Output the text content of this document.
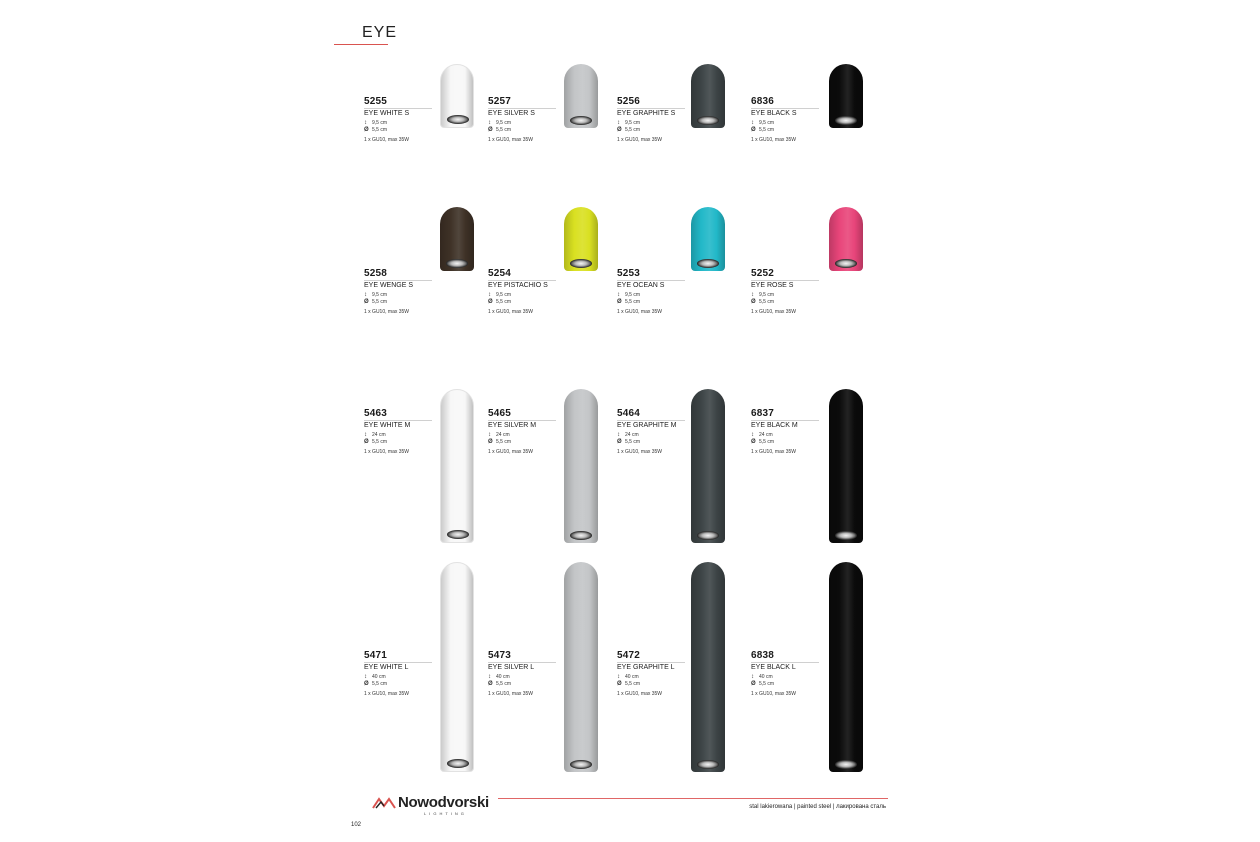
EYE
5255
EYE WHITE S
↕ 9,5 cm
Ø 5,5 cm
1 x GU10, max 35W
5257
EYE SILVER S
↕ 9,5 cm
Ø 5,5 cm
1 x GU10, max 35W
5256
EYE GRAPHITE S
↕ 9,5 cm
Ø 5,5 cm
1 x GU10, max 35W
6836
EYE BLACK S
↕ 9,5 cm
Ø 5,5 cm
1 x GU10, max 35W
5258
EYE WENGE S
↕ 9,5 cm
Ø 5,5 cm
1 x GU10, max 35W
5254
EYE PISTACHIO S
↕ 9,5 cm
Ø 5,5 cm
1 x GU10, max 35W
5253
EYE OCEAN S
↕ 9,5 cm
Ø 5,5 cm
1 x GU10, max 35W
5252
EYE ROSE S
↕ 9,5 cm
Ø 5,5 cm
1 x GU10, max 35W
5463
EYE WHITE M
↕ 24 cm
Ø 5,5 cm
1 x GU10, max 35W
5465
EYE SILVER M
↕ 24 cm
Ø 5,5 cm
1 x GU10, max 35W
5464
EYE GRAPHITE M
↕ 24 cm
Ø 5,5 cm
1 x GU10, max 35W
6837
EYE BLACK M
↕ 24 cm
Ø 5,5 cm
1 x GU10, max 35W
5471
EYE WHITE L
↕ 40 cm
Ø 5,5 cm
1 x GU10, max 35W
5473
EYE SILVER L
↕ 40 cm
Ø 5,5 cm
1 x GU10, max 35W
5472
EYE GRAPHITE L
↕ 40 cm
Ø 5,5 cm
1 x GU10, max 35W
6838
EYE BLACK L
↕ 40 cm
Ø 5,5 cm
1 x GU10, max 35W
Nowodvorski
LIGHTING
stal lakierowana | painted steel | лакирована сталь
102
